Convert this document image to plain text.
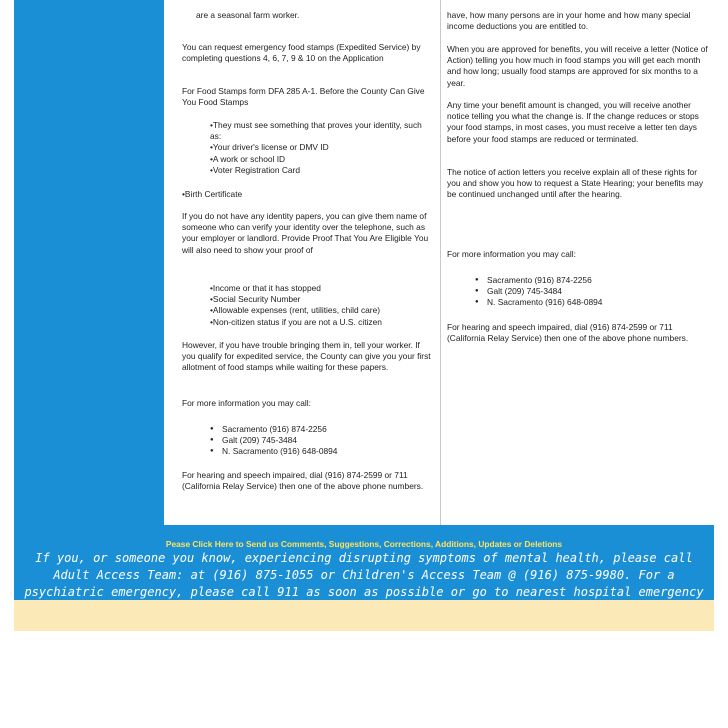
are a seasonal farm worker.

You can request emergency food stamps (Expedited Service) by completing questions 4, 6, 7, 9 & 10 on the Application

For Food Stamps form DFA 285 A-1. Before the County Can Give You Food Stamps

•They must see something that proves your identity, such as:

•Your driver's license or DMV ID

•A work or school ID

•Voter Registration Card

•Birth Certificate

If you do not have any identity papers, you can give them name of someone who can verify your identity over the telephone, such as your employer or landlord. Provide Proof That You Are Eligible You will also need to show your proof of

•Income or that it has stopped

•Social Security Number

•Allowable expenses (rent, utilities, child care)

•Non-citizen status if you are not a U.S. citizen

However, if you have trouble bringing them in, tell your worker. If you qualify for expedited service, the County can give you your first allotment of food stamps while waiting for these papers.

For more information you may call:

● Sacramento (916) 874-2256
● Galt (209) 745-3484
● N. Sacramento (916) 648-0894

For hearing and speech impaired, dial (916) 874-2599 or 711 (California Relay Service) then one of the above phone numbers.

have, how many persons are in your home and how many special income deductions you are entitled to.

When you are approved for benefits, you will receive a letter (Notice of Action) telling you how much in food stamps you will get each month and how long; usually food stamps are approved for six months to a year.

Any time your benefit amount is changed, you will receive another notice telling you what the change is. If the change reduces or stops your food stamps, in most cases, you must receive a letter ten days before your food stamps are reduced or terminated.

The notice of action letters you receive explain all of these rights for you and show you how to request a State Hearing; your benefits may be continued unchanged until after the hearing.

For more information you may call:

● Sacramento (916) 874-2256
● Galt (209) 745-3484
● N. Sacramento (916) 648-0894

For hearing and speech impaired, dial (916) 874-2599 or 711 (California Relay Service) then one of the above phone numbers.

Pease Click Here to Send us Comments, Suggestions, Corrections, Additions, Updates or Deletions
If you, or someone you know, experiencing disrupting symptoms of mental health, please call Adult Access Team: at (916) 875-1055 or Children's Access Team @ (916) 875-9980. For a psychiatric emergency, please call 911 as soon as possible or go to nearest hospital emergency
